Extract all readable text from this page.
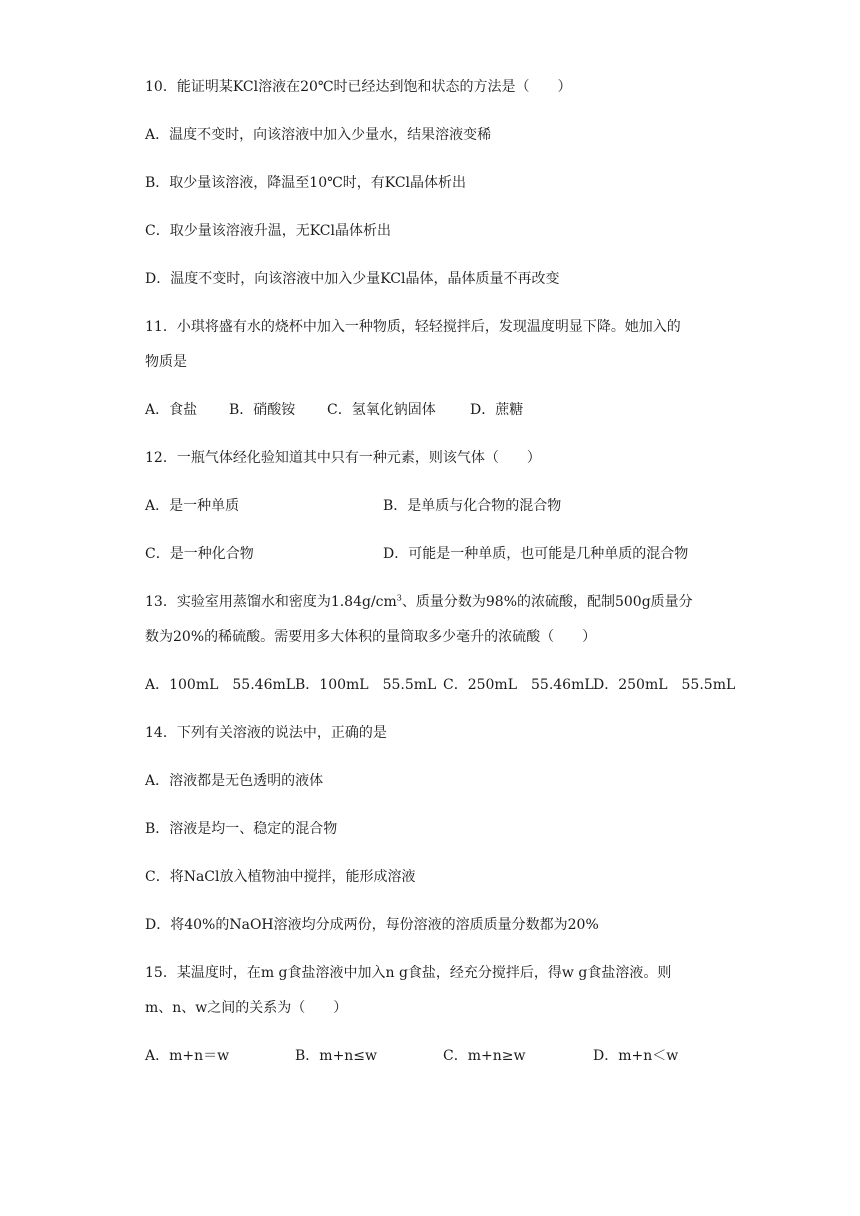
10．能证明某KCl溶液在20℃时已经达到饱和状态的方法是（　　）
A．温度不变时，向该溶液中加入少量水，结果溶液变稀
B．取少量该溶液，降温至10℃时，有KCl晶体析出
C．取少量该溶液升温，无KCl晶体析出
D．温度不变时，向该溶液中加入少量KCl晶体，晶体质量不再改变
11．小琪将盛有水的烧杯中加入一种物质，轻轻搅拌后，发现温度明显下降。她加入的
物质是
A．食盐 B．硝酸铵 C．氢氧化钠固体 D．蔗糖
12．一瓶气体经化验知道其中只有一种元素，则该气体（　　）
A．是一种单质	B．是单质与化合物的混合物
C．是一种化合物	D．可能是一种单质，也可能是几种单质的混合物
13．实验室用蒸馏水和密度为$1.84g/cm^3$、质量分数为98%的浓硫酸，配制500g质量分
数为20%的稀硫酸。需要用多大体积的量筒取多少毫升的浓硫酸（　　）
A．100mL　55.46mL B．100mL　55.5mL C．250mL　55.46mL D．250mL　55.5mL
14．下列有关溶液的说法中，正确的是
A．溶液都是无色透明的液体
B．溶液是均一、稳定的混合物
C．将NaCl放入植物油中搅拌，能形成溶液
D．将40%的NaOH溶液均分成两份，每份溶液的溶质质量分数都为20%
15．某温度时，在m g食盐溶液中加入n g食盐，经充分搅拌后，得w g食盐溶液。则
m、n、w之间的关系为（　　）
A．m+n＝w	B．m+n≤w	C．m+n≥w	D．m+n＜w
